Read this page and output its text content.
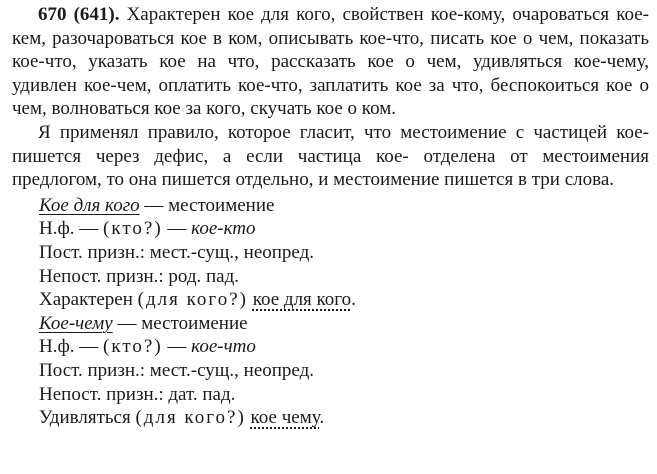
670 (641). Характерен кое для кого, свойствен кое-кому, очароваться кое-кем, разочароваться кое в ком, описывать кое-что, писать кое о чем, показать кое-что, указать кое на что, рассказать кое о чем, удивляться кое-чему, удивлен кое-чем, оплатить кое-что, заплатить кое за что, беспокоиться кое о чем, волноваться кое за кого, скучать кое о ком.

Я применял правило, которое гласит, что местоимение с частицей кое- пишется через дефис, а если частица кое- отделена от местоимения предлогом, то она пишется отдельно, и местоимение пишется в три слова.

Кое для кого — местоимение
Н.ф. — (кто?) — кое-кто
Пост. призн.: мест.-сущ., неопред.
Непост. призн.: род. пад.
Характерен (для кого?) кое для кого.
Кое-чему — местоимение
Н.ф. — (кто?) — кое-что
Пост. призн.: мест.-сущ., неопред.
Непост. призн.: дат. пад.
Удивляться (для кого?) кое чему.
